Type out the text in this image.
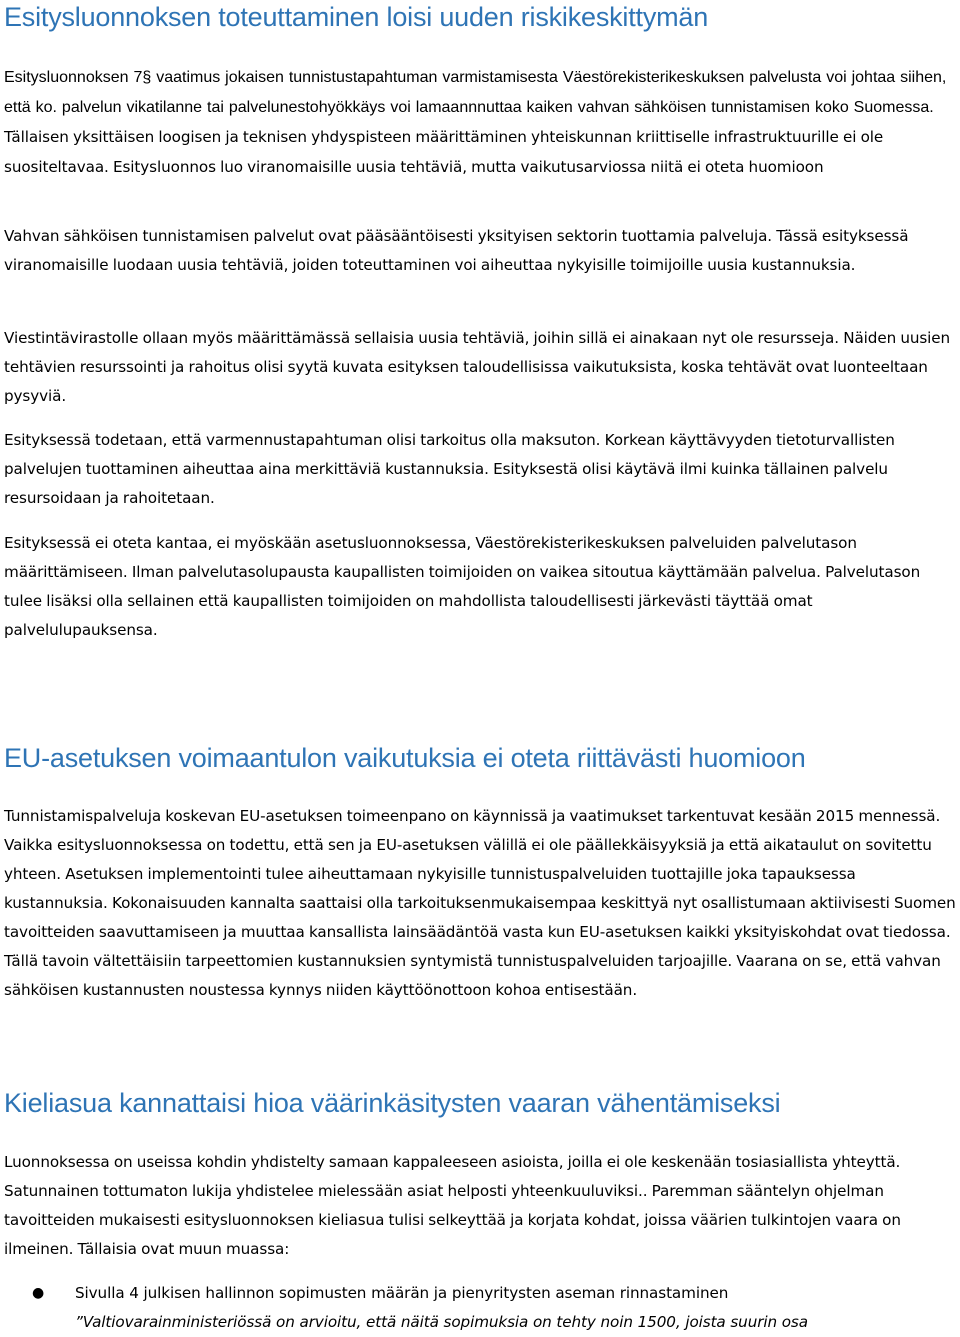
Esitysluonnoksen toteuttaminen loisi uuden riskikeskittymän

Esitysluonnoksen 7§ vaatimus jokaisen tunnistustapahtuman varmistamisesta Väestörekisterikeskuksen palvelusta voi johtaa siihen, että ko. palvelun vikatilanne tai palvelunestohyökkäys voi lamaannnuttaa kaiken vahvan sähköisen tunnistamisen koko Suomessa. Tällaisen yksittäisen loogisen ja teknisen yhdyspisteen määrittäminen yhteiskunnan kriittiselle infrastruktuurille ei ole suositeltavaa. Esitysluonnos luo viranomaisille uusia tehtäviä, mutta vaikutusarviossa niitä ei oteta huomioon

Vahvan sähköisen tunnistamisen palvelut ovat pääsääntöisesti yksityisen sektorin tuottamia palveluja. Tässä esityksessä viranomaisille luodaan uusia tehtäviä, joiden toteuttaminen voi aiheuttaa nykyisille toimijoille uusia kustannuksia.

Viestintävirastolle ollaan myös määrittämässä sellaisia uusia tehtäviä, joihin sillä ei ainakaan nyt ole resursseja. Näiden uusien tehtävien resurssointi ja rahoitus olisi syytä kuvata esityksen taloudellisissa vaikutuksista, koska tehtävät ovat luonteeltaan pysyviä.

Esityksessä todetaan, että varmennustapahtuman olisi tarkoitus olla maksuton. Korkean käyttävyyden tietoturvallisten palvelujen tuottaminen aiheuttaa aina merkittäviä kustannuksia. Esityksestä olisi käytävä ilmi kuinka tällainen palvelu resursoidaan ja rahoitetaan.

Esityksessä ei oteta kantaa, ei myöskään asetusluonnoksessa, Väestörekisterikeskuksen palveluiden palvelutason määrittämiseen. Ilman palvelutasolupausta kaupallisten toimijoiden on vaikea sitoutua käyttämään palvelua. Palvelutason tulee lisäksi olla sellainen että kaupallisten toimijoiden on mahdollista taloudellisesti järkevästi täyttää omat palvelulupauksensa.

EU-asetuksen voimaantulon vaikutuksia ei oteta riittävästi huomioon

Tunnistamispalveluja koskevan EU-asetuksen toimeenpano on käynnissä ja vaatimukset tarkentuvat kesään 2015 mennessä. Vaikka esitysluonnoksessa on todettu, että sen ja EU-asetuksen välillä ei ole päällekkäisyyksiä ja että aikataulut on sovitettu yhteen. Asetuksen implementointi tulee aiheuttamaan nykyisille tunnistuspalveluiden tuottajille joka tapauksessa kustannuksia. Kokonaisuuden kannalta saattaisi olla tarkoituksenmukaisempaa keskittyä nyt osallistumaan aktiivisesti Suomen tavoitteiden saavuttamiseen ja muuttaa kansallista lainsäädäntöä vasta kun EU-asetuksen kaikki yksityiskohdat ovat tiedossa. Tällä tavoin vältettäisiin tarpeettomien kustannuksien syntymistä tunnistuspalveluiden tarjoajille. Vaarana on se, että vahvan sähköisen kustannusten noustessa kynnys niiden käyttöönottoon kohoa entisestään.

Kieliasua kannattaisi hioa väärinkäsitysten vaaran vähentämiseksi

Luonnoksessa on useissa kohdin yhdistelty samaan kappaleeseen asioista, joilla ei ole keskenään tosiasiallista yhteyttä. Satunnainen tottumaton lukija yhdistelee mielessään asiat helposti yhteenkuuluviksi.. Paremman sääntelyn ohjelman tavoitteiden mukaisesti esitysluonnoksen kieliasua tulisi selkeyttää ja korjata kohdat, joissa väärien tulkintojen vaara on ilmeinen. Tällaisia ovat muun muassa:

● Sivulla 4 julkisen hallinnon sopimusten määrän ja pienyritysten aseman rinnastaminen
”Valtiovarainministeriössä on arvioitu, että näitä sopimuksia on tehty noin 1500, joista suurin osa
